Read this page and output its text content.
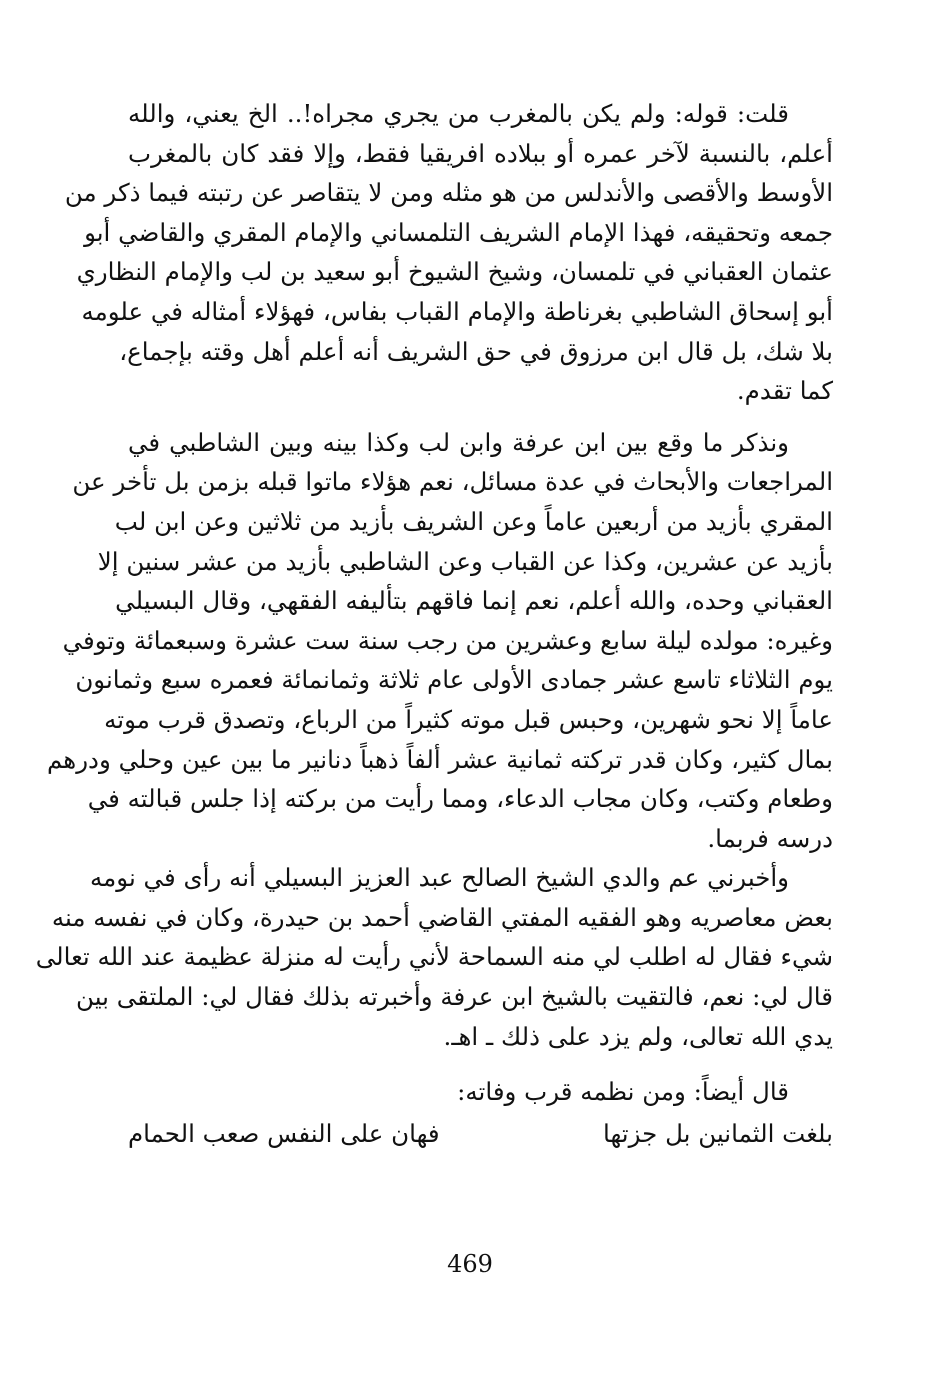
قلت: قوله: ولم يكن بالمغرب من يجري مجراه!.. الخ يعني، والله
أعلم، بالنسبة لآخر عمره أو ببلاده افريقيا فقط، وإلا فقد كان بالمغرب
الأوسط والأقصى والأندلس من هو مثله ومن لا يتقاصر عن رتبته فيما ذكر من
جمعه وتحقيقه، فهذا الإمام الشريف التلمساني والإمام المقري والقاضي أبو
عثمان العقباني في تلمسان، وشيخ الشيوخ أبو سعيد بن لب والإمام النظاري
أبو إسحاق الشاطبي بغرناطة والإمام القباب بفاس، فهؤلاء أمثاله في علومه
بلا شك، بل قال ابن مرزوق في حق الشريف أنه أعلم أهل وقته بإجماع،
كما تقدم.

ونذكر ما وقع بين ابن عرفة وابن لب وكذا بينه وبين الشاطبي في
المراجعات والأبحاث في عدة مسائل، نعم هؤلاء ماتوا قبله بزمن بل تأخر عن
المقري بأزيد من أربعين عاماً وعن الشريف بأزيد من ثلاثين وعن ابن لب
بأزيد عن عشرين، وكذا عن القباب وعن الشاطبي بأزيد من عشر سنين إلا
العقباني وحده، والله أعلم، نعم إنما فاقهم بتأليفه الفقهي، وقال البسيلي
وغيره: مولده ليلة سابع وعشرين من رجب سنة ست عشرة وسبعمائة وتوفي
يوم الثلاثاء تاسع عشر جمادى الأولى عام ثلاثة وثمانمائة فعمره سبع وثمانون
عاماً إلا نحو شهرين، وحبس قبل موته كثيراً من الرباع، وتصدق قرب موته
بمال كثير، وكان قدر تركته ثمانية عشر ألفاً ذهباً دنانير ما بين عين وحلي ودرهم
وطعام وكتب، وكان مجاب الدعاء، ومما رأيت من بركته إذا جلس قبالته في
درسه فربما.

وأخبرني عم والدي الشيخ الصالح عبد العزيز البسيلي أنه رأى في نومه
بعض معاصريه وهو الفقيه المفتي القاضي أحمد بن حيدرة، وكان في نفسه منه
شيء فقال له اطلب لي منه السماحة لأني رأيت له منزلة عظيمة عند الله تعالى
قال لي: نعم، فالتقيت بالشيخ ابن عرفة وأخبرته بذلك فقال لي: الملتقى بين
يدي الله تعالى، ولم يزد على ذلك ـ اهـ.

قال أيضاً: ومن نظمه قرب وفاته:

بلغت الثمانين بل جزتها
فهان على النفس صعب الحمام
469
